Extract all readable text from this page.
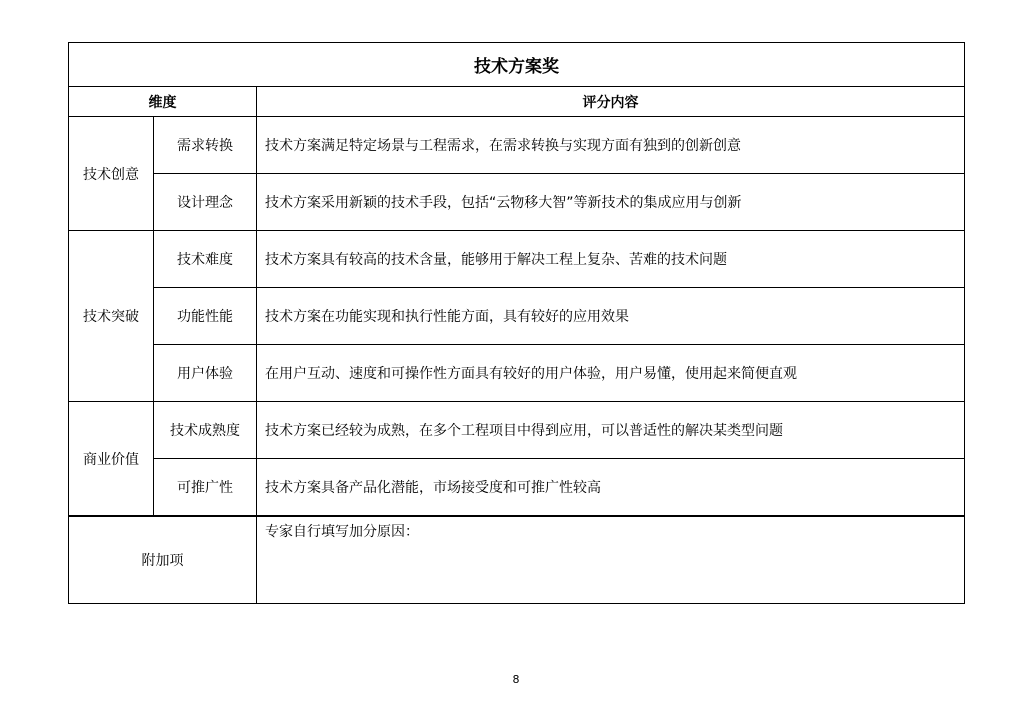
技术方案奖		
维度		评分内容
技术创意	需求转换	技术方案满足特定场景与工程需求，在需求转换与实现方面有独到的创新创意
	设计理念	技术方案采用新颖的技术手段，包括“云物移大智”等新技术的集成应用与创新
技术突破	技术难度	技术方案具有较高的技术含量，能够用于解决工程上复杂、苦难的技术问题
	功能性能	技术方案在功能实现和执行性能方面，具有较好的应用效果
	用户体验	在用户互动、速度和可操作性方面具有较好的用户体验，用户易懂，使用起来简便直观
商业价值	技术成熟度	技术方案已经较为成熟，在多个工程项目中得到应用，可以普适性的解决某类型问题
	可推广性	技术方案具备产品化潜能，市场接受度和可推广性较高
附加项		专家自行填写加分原因：
8
